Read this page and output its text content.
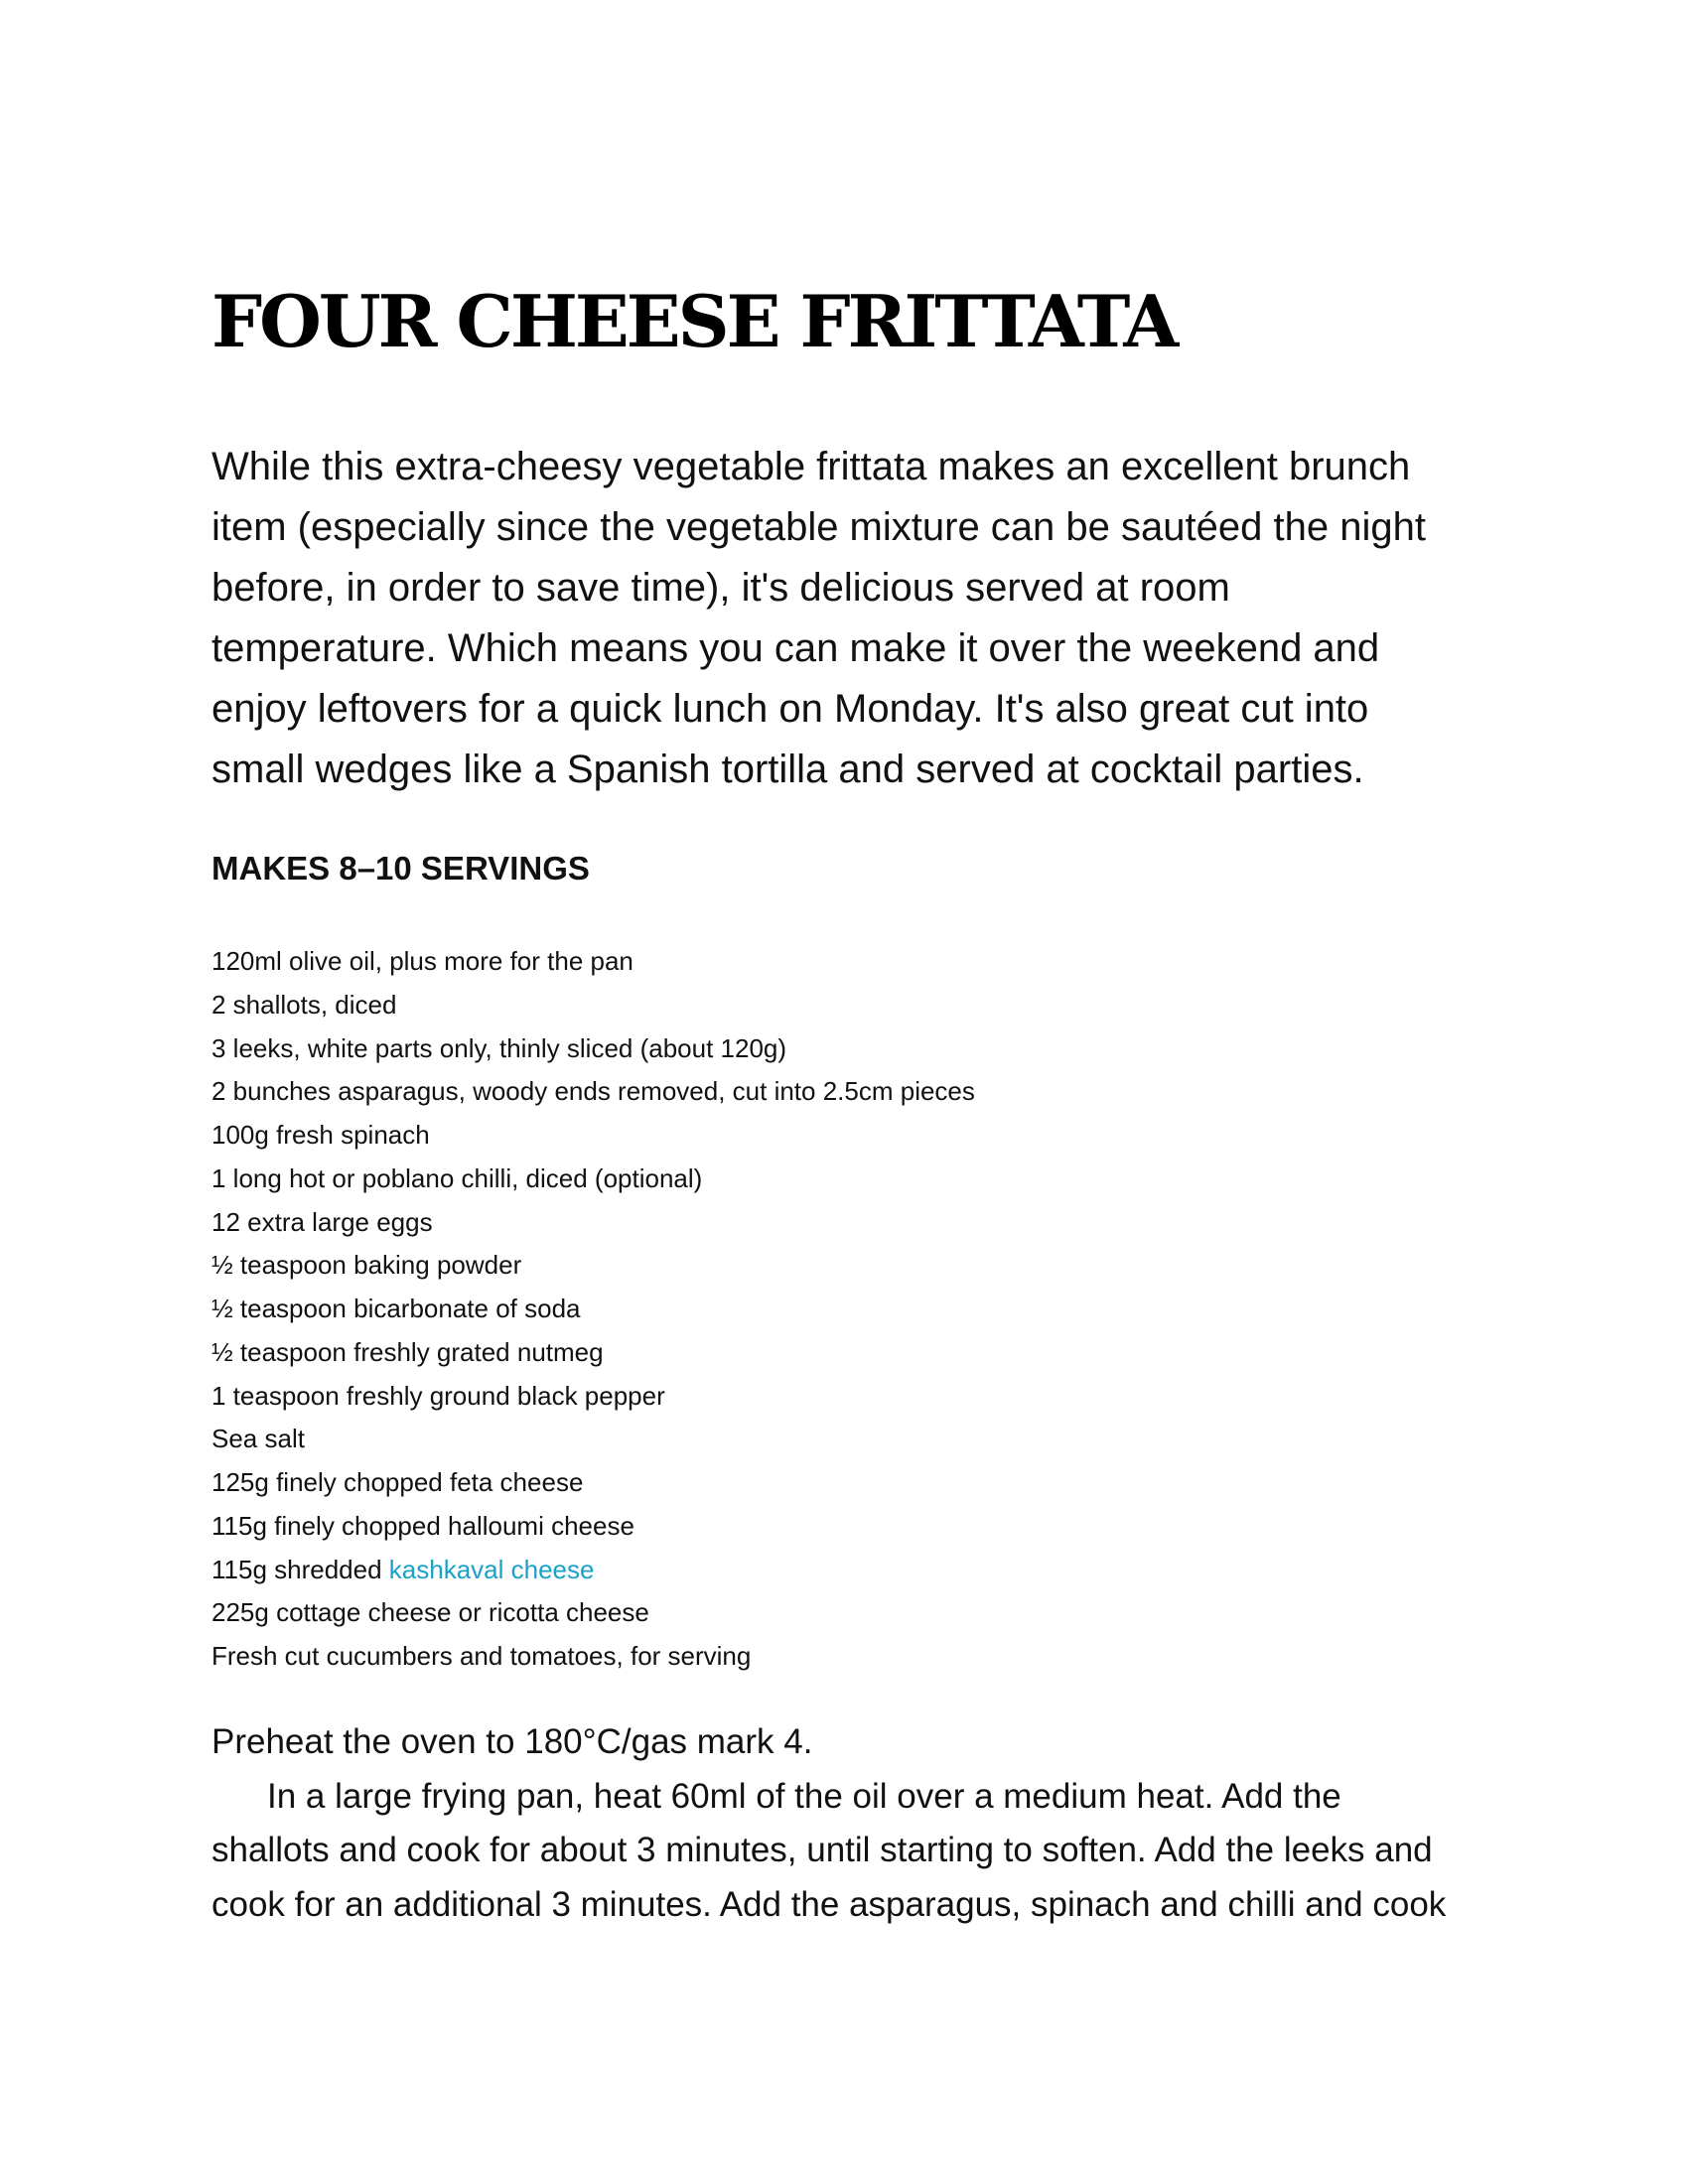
FOUR CHEESE FRITTATA

While this extra-cheesy vegetable frittata makes an excellent brunch
item (especially since the vegetable mixture can be sautéed the night
before, in order to save time), it's delicious served at room
temperature. Which means you can make it over the weekend and
enjoy leftovers for a quick lunch on Monday. It's also great cut into
small wedges like a Spanish tortilla and served at cocktail parties.

MAKES 8–10 SERVINGS
120ml olive oil, plus more for the pan
2 shallots, diced
3 leeks, white parts only, thinly sliced (about 120g)
2 bunches asparagus, woody ends removed, cut into 2.5cm pieces
100g fresh spinach
1 long hot or poblano chilli, diced (optional)
12 extra large eggs
½ teaspoon baking powder
½ teaspoon bicarbonate of soda
½ teaspoon freshly grated nutmeg
1 teaspoon freshly ground black pepper
Sea salt
125g finely chopped feta cheese
115g finely chopped halloumi cheese
115g shredded kashkaval cheese
225g cottage cheese or ricotta cheese
Fresh cut cucumbers and tomatoes, for serving

Preheat the oven to 180°C/gas mark 4.
In a large frying pan, heat 60ml of the oil over a medium heat. Add the
shallots and cook for about 3 minutes, until starting to soften. Add the leeks and
cook for an additional 3 minutes. Add the asparagus, spinach and chilli and cook
